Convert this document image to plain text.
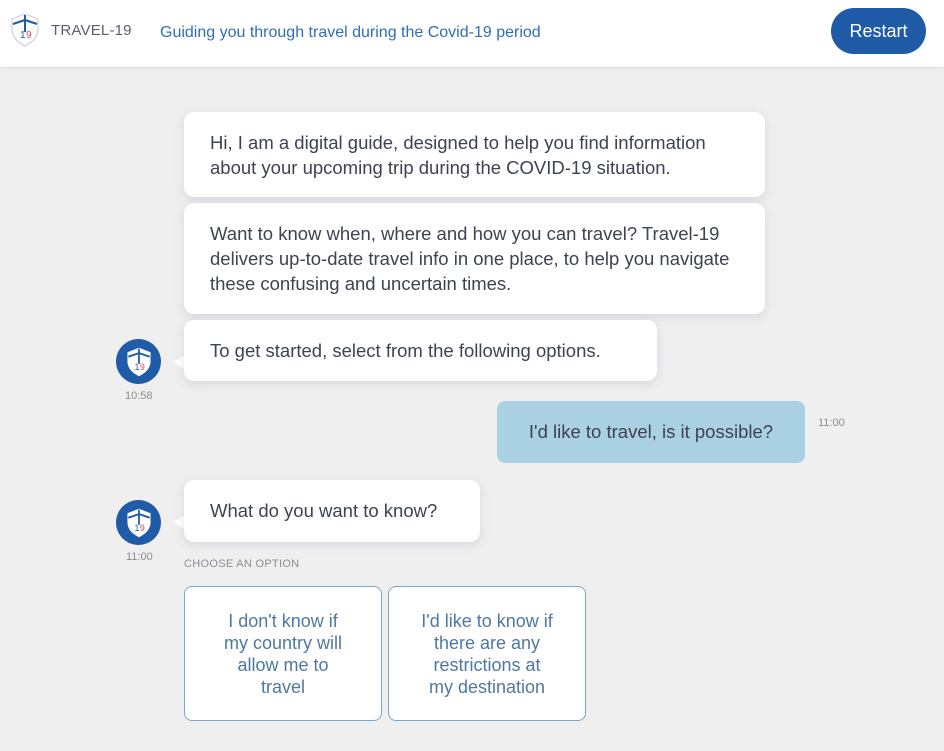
1 9 TRAVEL-19 Guiding you through travel during the Covid-19 period	Restart
Hi, I am a digital guide, designed to help you find information about your upcoming trip during the COVID-19 situation.
Want to know when, where and how you can travel? Travel-19 delivers up-to-date travel info in one place, to help you navigate these confusing and uncertain times.
1 9
10:58
To get started, select from the following options.
I'd like to travel, is it possible?	11:00
1 9
11:00
What do you want to know?
CHOOSE AN OPTION
I don't know if my country will allow me to travel
I'd like to know if there are any restrictions at my destination
